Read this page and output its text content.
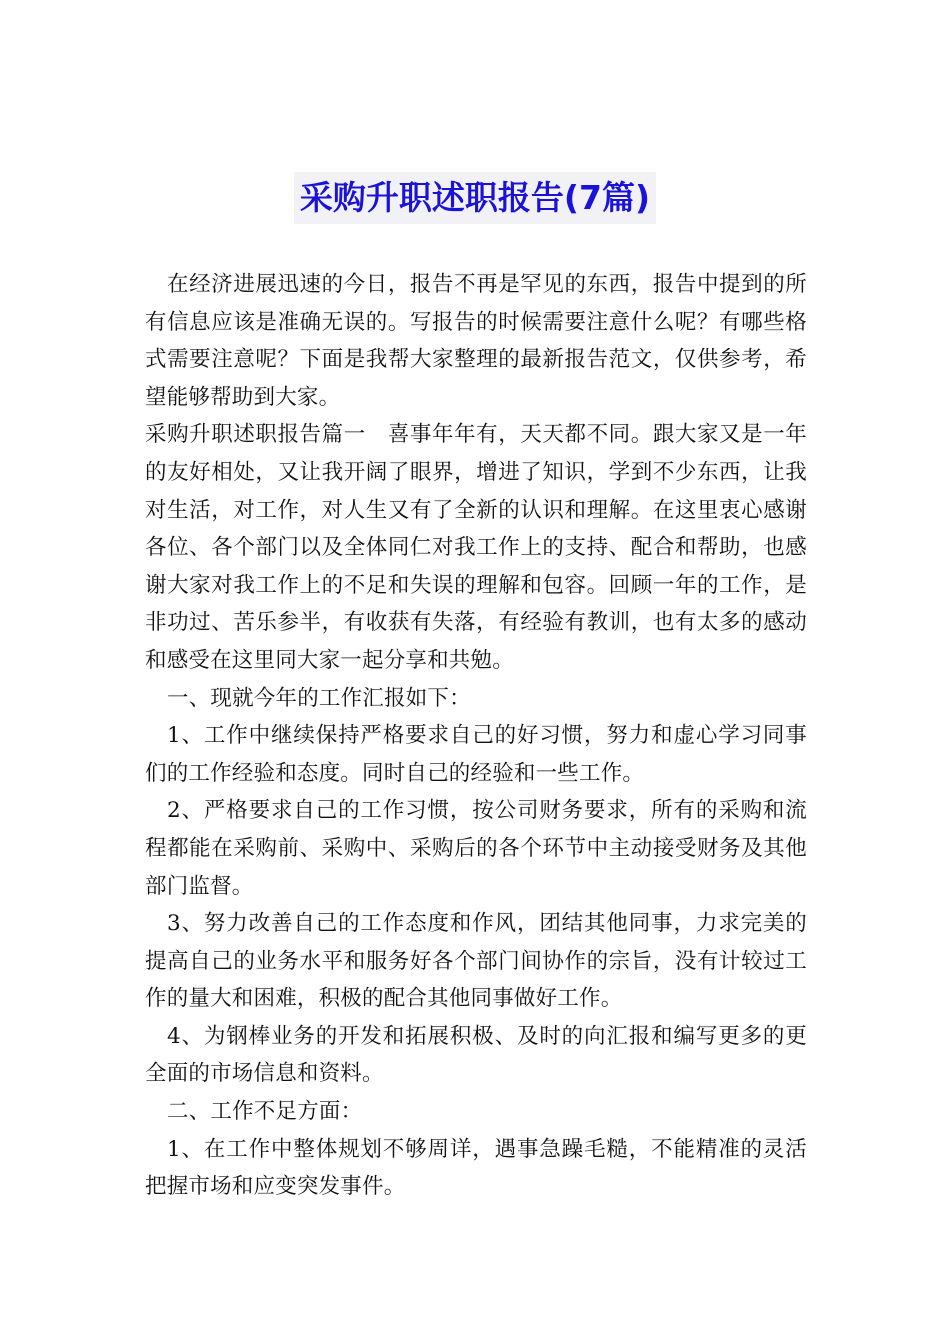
采购升职述职报告(7篇)

在经济进展迅速的今日，报告不再是罕见的东西，报告中提到的所有信息应该是准确无误的。写报告的时候需要注意什么呢？有哪些格式需要注意呢？下面是我帮大家整理的最新报告范文，仅供参考，希望能够帮助到大家。

采购升职述职报告篇一　喜事年年有，天天都不同。跟大家又是一年的友好相处，又让我开阔了眼界，增进了知识，学到不少东西，让我对生活，对工作，对人生又有了全新的认识和理解。在这里衷心感谢各位、各个部门以及全体同仁对我工作上的支持、配合和帮助，也感谢大家对我工作上的不足和失误的理解和包容。回顾一年的工作，是非功过、苦乐参半，有收获有失落，有经验有教训，也有太多的感动和感受在这里同大家一起分享和共勉。

一、现就今年的工作汇报如下：

1、工作中继续保持严格要求自己的好习惯，努力和虚心学习同事们的工作经验和态度。同时自己的经验和一些工作。

2、严格要求自己的工作习惯，按公司财务要求，所有的采购和流程都能在采购前、采购中、采购后的各个环节中主动接受财务及其他部门监督。

3、努力改善自己的工作态度和作风，团结其他同事，力求完美的提高自己的业务水平和服务好各个部门间协作的宗旨，没有计较过工作的量大和困难，积极的配合其他同事做好工作。

4、为钢棒业务的开发和拓展积极、及时的向汇报和编写更多的更全面的市场信息和资料。

二、工作不足方面：

1、在工作中整体规划不够周详，遇事急躁毛糙，不能精准的灵活把握市场和应变突发事件。
